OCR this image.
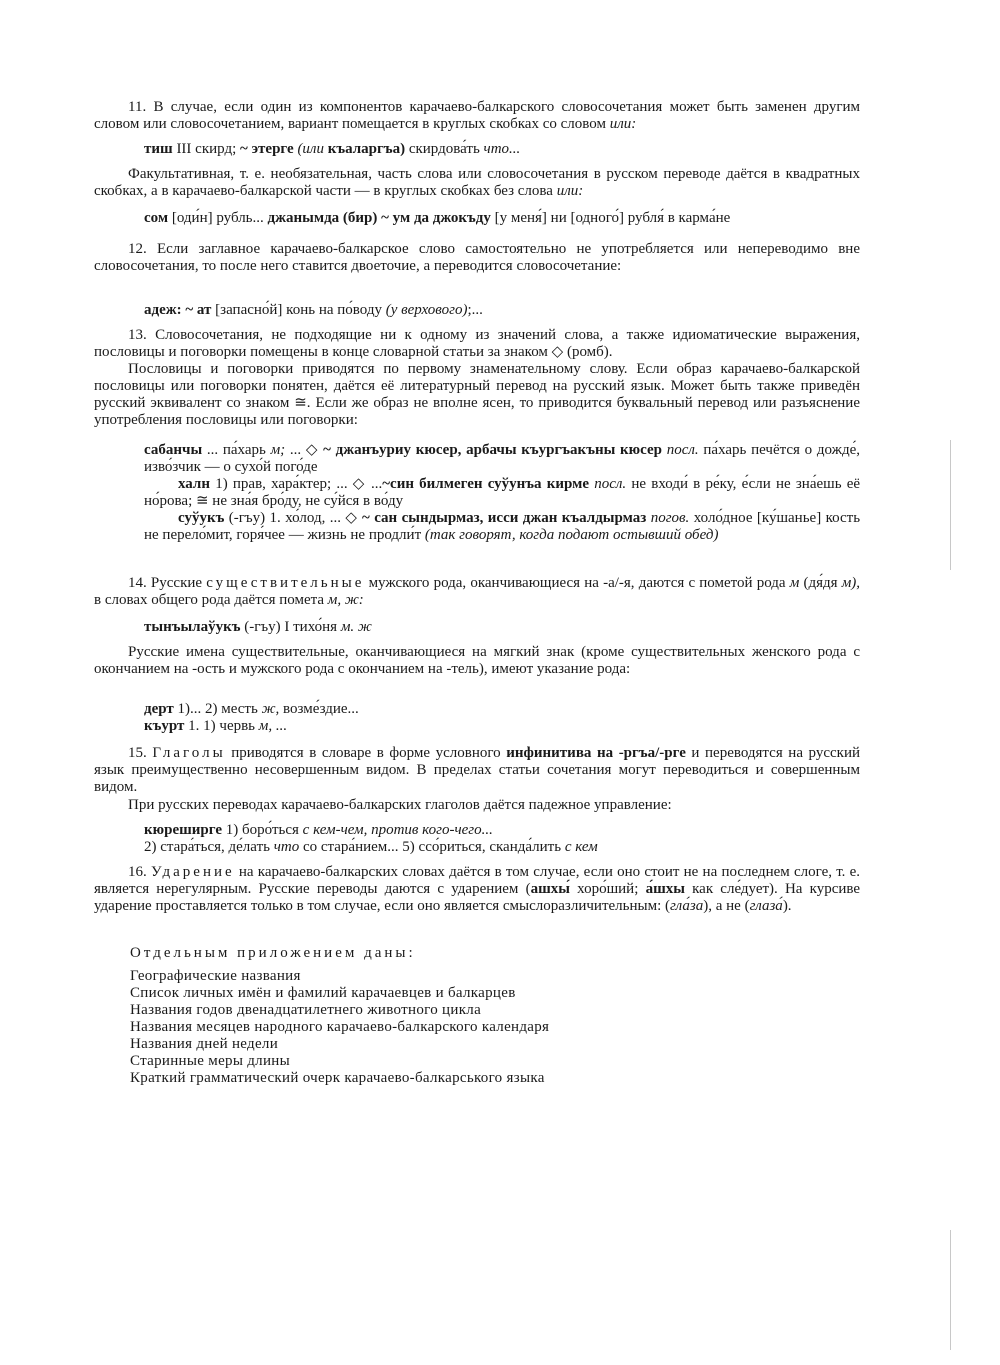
11. В случае, если один из компонентов карачаево-балкарского словосочетания может быть заменен другим словом или словосочетанием, вариант помещается в круглых скобках со словом или:

тиш III скирд; ~ этерге (или къаларгъа) скирдова́ть что...

Факультативная, т. е. необязательная, часть слова или словосочетания в русском переводе даётся в квадратных скобках, а в карачаево-балкарской части — в круглых скобках без слова или:

сом [оди́н] рубль... джанымда (бир) ~ ум да джокъду [у меня́] ни [одного́] рубля́ в карма́не

12. Если заглавное карачаево-балкарское слово самостоятельно не употребляется или непереводимо вне словосочетания, то после него ставится двоеточие, а переводится словосочетание:

адеж: ~ ат [запасно́й] конь на по́воду (у верхового);...

13. Словосочетания, не подходящие ни к одному из значений слова, а также идиоматические выражения, пословицы и поговорки помещены в конце словарной статьи за знаком ◇ (ромб).

Пословицы и поговорки приводятся по первому знаменательному слову. Если образ карачаево-балкарской пословицы или поговорки понятен, даётся её литературный перевод на русский язык. Может быть также приведён русский эквивалент со знаком ≅. Если же образ не вполне ясен, то приводится буквальный перевод или разъяснение употребления пословицы или поговорки:

сабанчы ... па́харь м; ... ◇ ~ джанъуриу кюсер, арбачы къургъакъны кюсер посл. па́харь печётся о дожде́, изво́зчик — о сухо́й пого́де

халн 1) прав, хара́ктер; ... ◇ ...~син билмеген суўунъа кирме посл. не входи́ в ре́ку, е́сли не зна́ешь её но́рова; ≅ не зна́я бро́ду, не су́йся в во́ду

суўукъ (-гъу) 1. хо́лод, ... ◇ ~ сан сындырмаз, исси джан къалдырмаз погов. холо́дное [ку́шанье] кость не перело́мит, горя́чее — жизнь не продли́т (так говорят, когда подают остывший обед)

14. Русские существительные мужского рода, оканчивающиеся на -а/-я, даются с пометой рода м (дя́дя м), в словах общего рода даётся помета м, ж:

тынъылаўукъ (-гъу) I тихо́ня м. ж

Русские имена существительные, оканчивающиеся на мягкий знак (кроме существительных женского рода с окончанием на -ость и мужского рода с окончанием на -тель), имеют указание рода:

дерт 1)... 2) месть ж, возме́здие...

къурт 1. 1) червь м, ...

15. Глаголы приводятся в словаре в форме условного инфинитива на -ргъа/-рге и переводятся на русский язык преимущественно несовершенным видом. В пределах статьи сочетания могут переводиться и совершенным видом.

При русских переводах карачаево-балкарских глаголов даётся падежное управление:

кюреширге 1) боро́ться с кем-чем, против кого-чего...

2) стара́ться, де́лать что со стара́нием... 5) ссо́риться, сканда́лить с кем

16. Ударение на карачаево-балкарских словах даётся в том случае, если оно стоит не на последнем слоге, т. е. является нерегулярным. Русские переводы даются с ударением (ашхы́ хоро́ший; а́шхы как сле́дует). На курсиве ударение проставляется только в том случае, если оно является смыслоразличительным: (гла́за), а не (глаза́).

Отдельным приложением даны:
Географические названия
Список личных имён и фамилий карачаевцев и балкарцев
Названия годов двенадцатилетнего животного цикла
Названия месяцев народного карачаево-балкарского календаря
Названия дней недели
Старинные меры длины
Краткий грамматический очерк карачаево-балкарського языка
